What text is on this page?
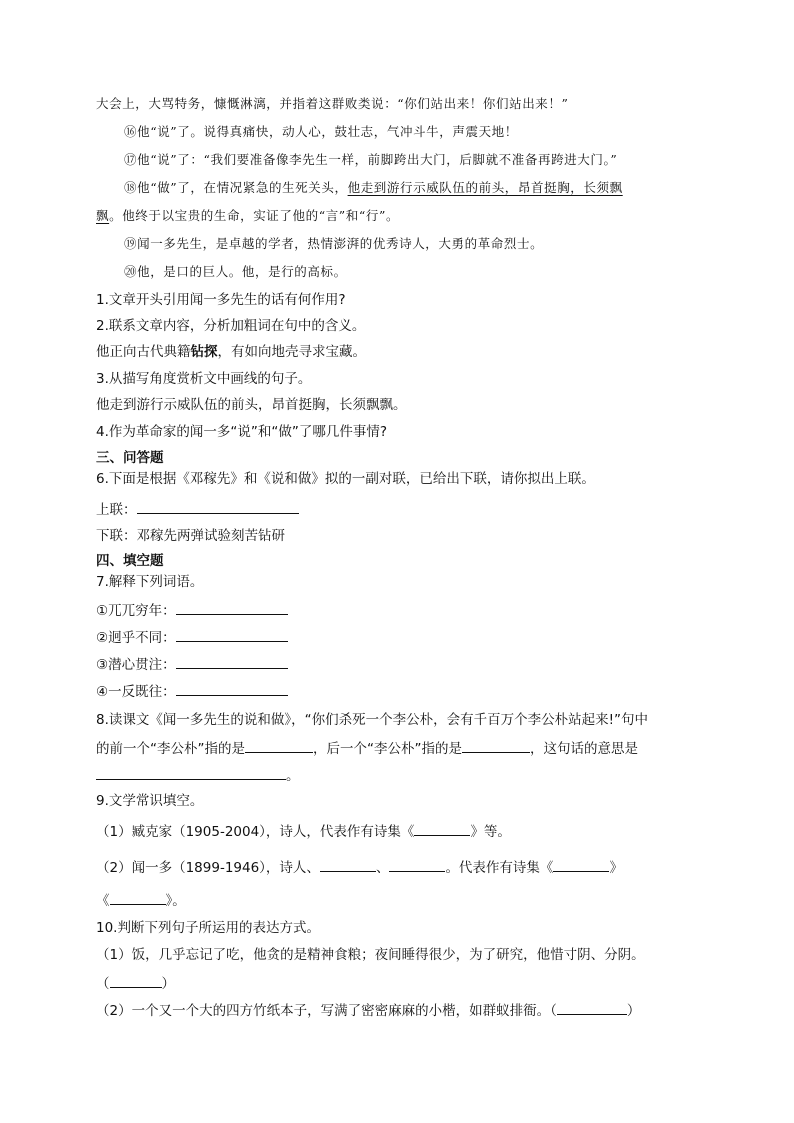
大会上，大骂特务，慷慨淋漓，并指着这群败类说：“你们站出来！你们站出来！”
⑯他“说”了。说得真痛快，动人心，鼓壮志，气冲斗牛，声震天地！
⑰他“说”了：“我们要准备像李先生一样，前脚跨出大门，后脚就不准备再跨进大门。”
⑱他“做”了，在情况紧急的生死关头，他走到游行示威队伍的前头，昂首挺胸，长须飘
飘。他终于以宝贵的生命，实证了他的“言”和“行”。
⑲闻一多先生，是卓越的学者，热情澎湃的优秀诗人，大勇的革命烈士。
⑳他，是口的巨人。他，是行的高标。
1.文章开头引用闻一多先生的话有何作用?
2.联系文章内容，分析加粗词在句中的含义。
他正向古代典籍钻探，有如向地壳寻求宝藏。
3.从描写角度赏析文中画线的句子。
他走到游行示威队伍的前头，昂首挺胸，长须飘飘。
4.作为革命家的闻一多“说”和“做”了哪几件事情?
三、问答题
6.下面是根据《邓稼先》和《说和做》拟的一副对联，已给出下联，请你拟出上联。
上联：
下联：邓稼先两弹试验刻苦钻研
四、填空题
7.解释下列词语。
①兀兀穷年：
②迥乎不同：
③潜心贯注：
④一反既往：
8.读课文《闻一多先生的说和做》，“你们杀死一个李公朴，会有千百万个李公朴站起来!”句中
的前一个“李公朴”指的是	，后一个“李公朴”指的是	，这句话的意思是
。
9.文学常识填空。
（1）臧克家（1905-2004），诗人，代表作有诗集《	》等。
（2）闻一多（1899-1946），诗人、	、	。代表作有诗集《	》
《	》。
10.判断下列句子所运用的表达方式。
（1）饭，几乎忘记了吃，他贪的是精神食粮；夜间睡得很少，为了研究，他惜寸阴、分阴。
（	）
（2）一个又一个大的四方竹纸本子，写满了密密麻麻的小楷，如群蚁排衙。（	）
